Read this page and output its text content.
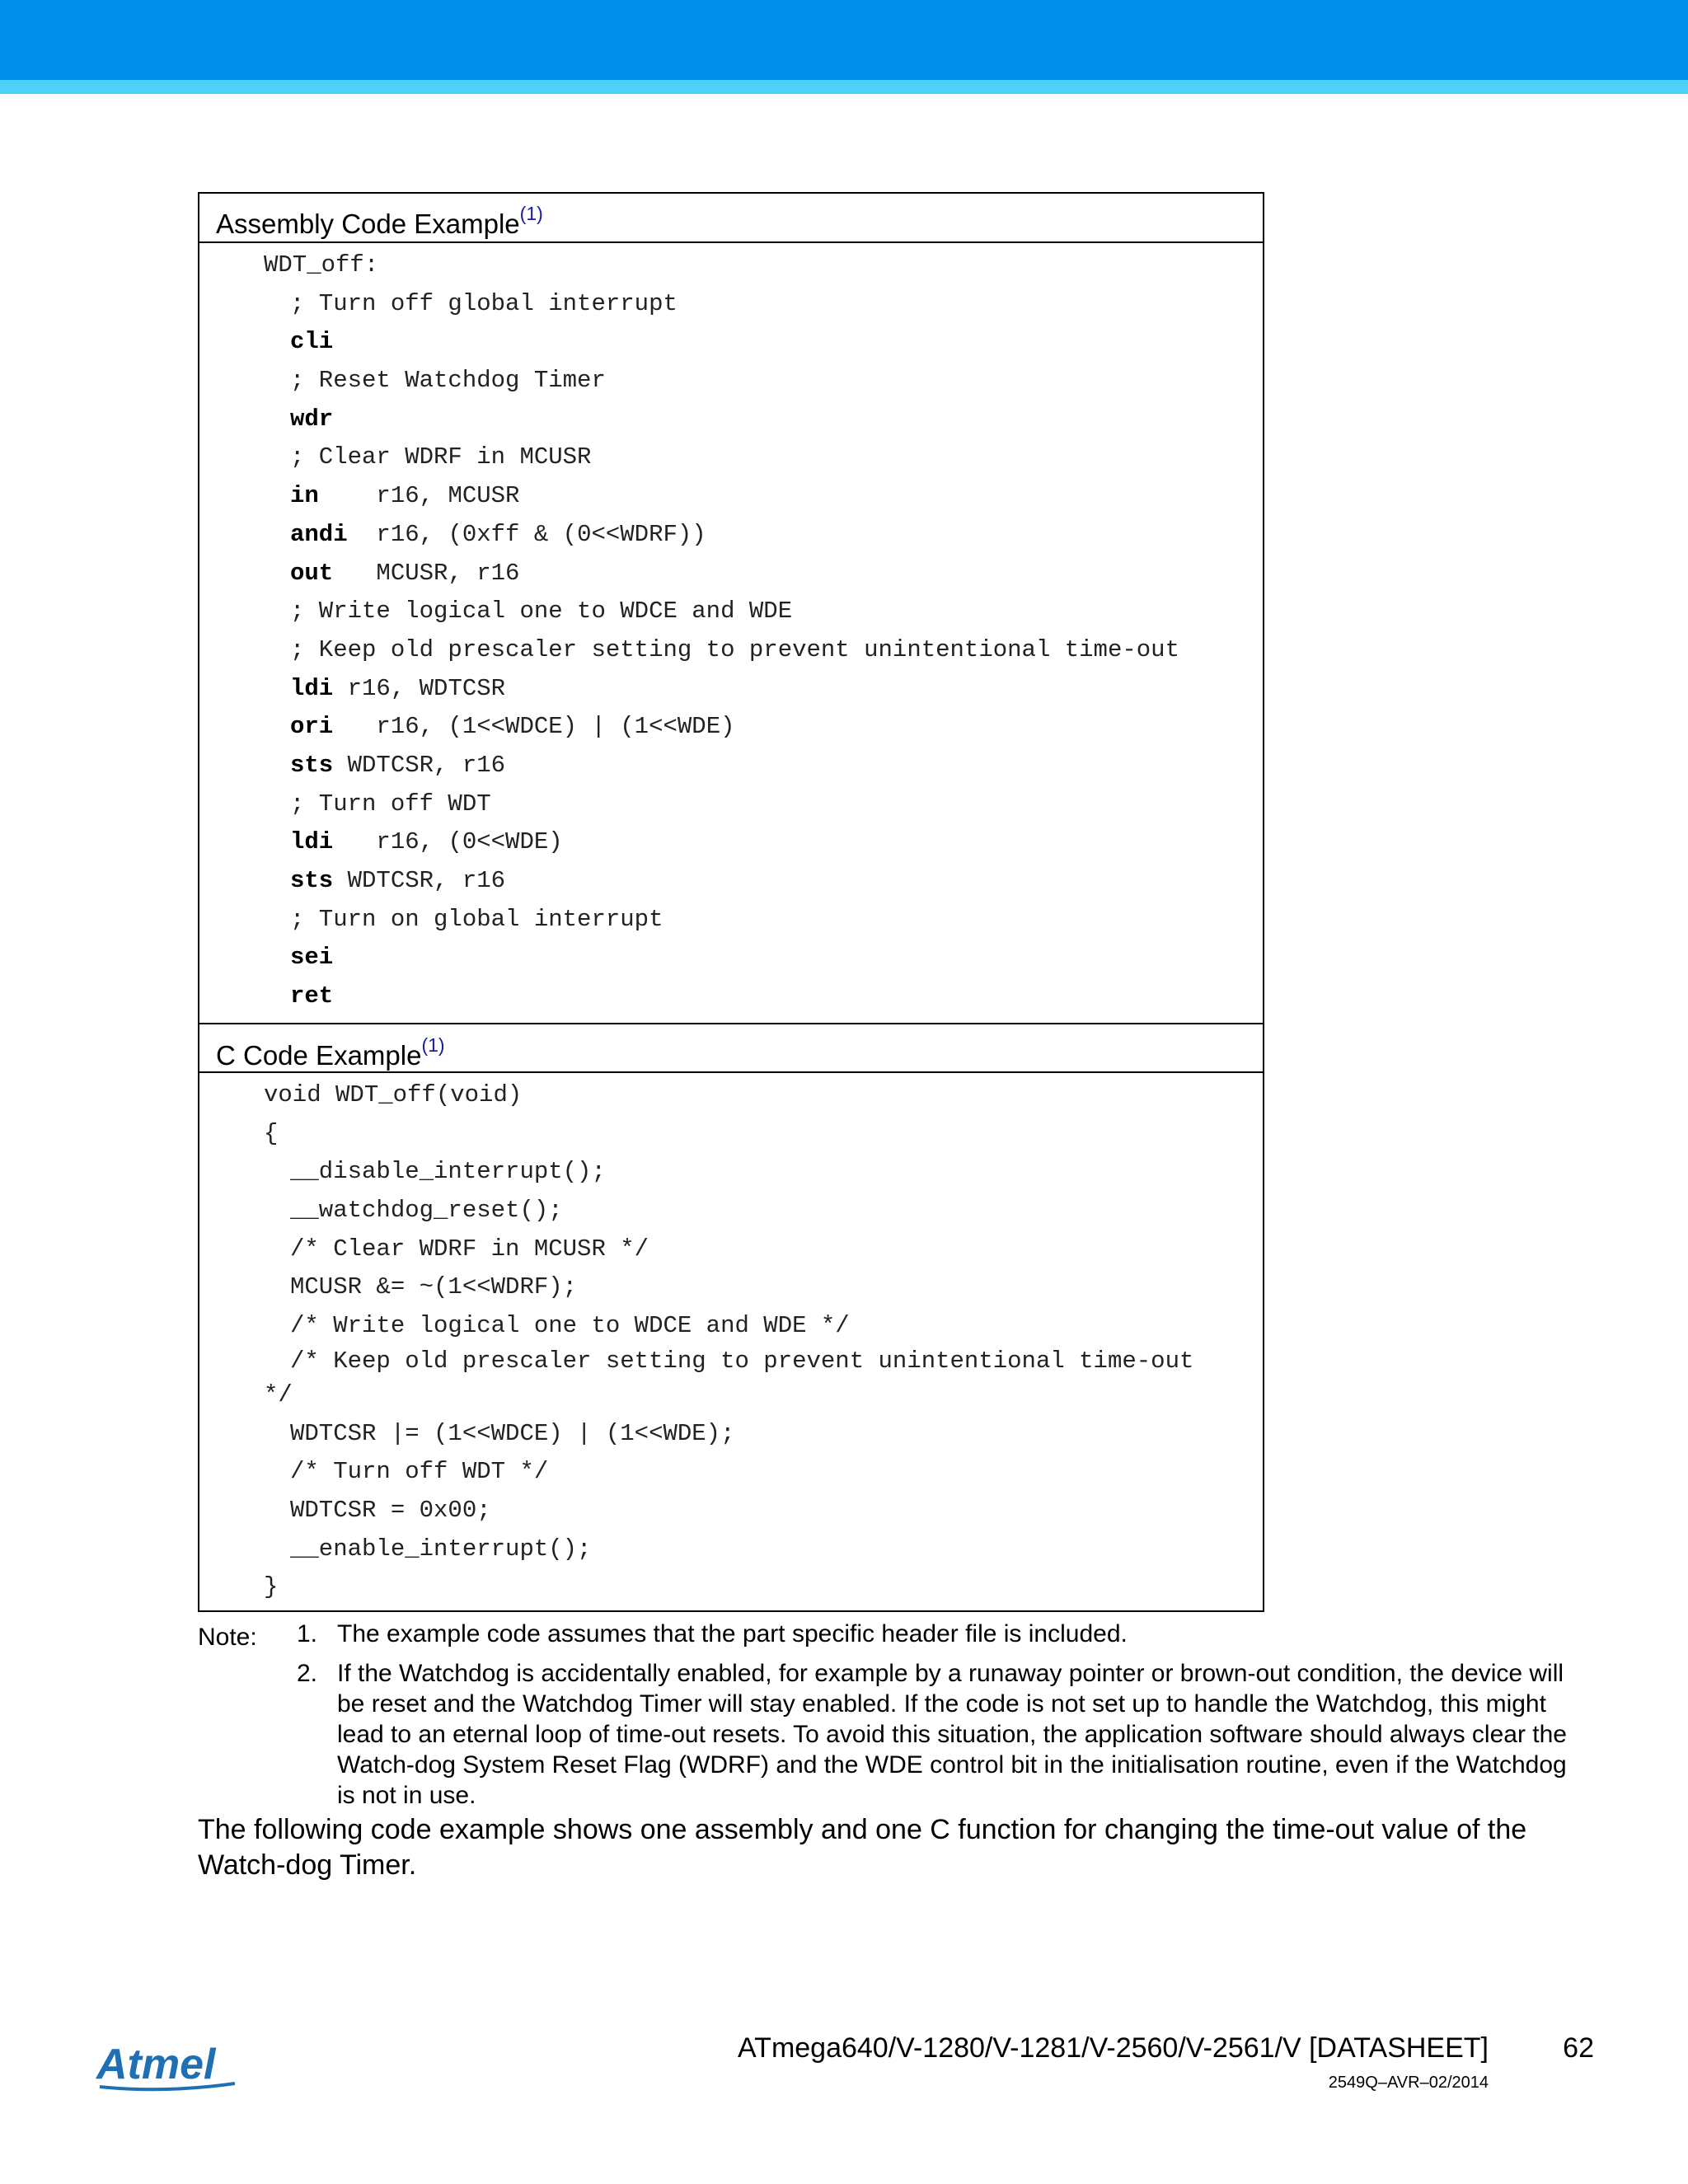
Assembly Code Example$^{(1)}$
WDT_off:
; Turn off global interrupt
cli
; Reset Watchdog Timer
wdr
; Clear WDRF in MCUSR
in    r16, MCUSR
andi  r16, (0xff & (0<<WDRF))
out   MCUSR, r16
; Write logical one to WDCE and WDE
; Keep old prescaler setting to prevent unintentional time-out
ldi r16, WDTCSR
ori   r16, (1<<WDCE) | (1<<WDE)
sts WDTCSR, r16
; Turn off WDT
ldi   r16, (0<<WDE)
sts WDTCSR, r16
; Turn on global interrupt
sei
ret
C Code Example$^{(1)}$
void WDT_off(void)
{
__disable_interrupt();
__watchdog_reset();
/* Clear WDRF in MCUSR */
MCUSR &= ~(1<<WDRF);
/* Write logical one to WDCE and WDE */
/* Keep old prescaler setting to prevent unintentional time-out
*/
WDTCSR |= (1<<WDCE) | (1<<WDE);
/* Turn off WDT */
WDTCSR = 0x00;
__enable_interrupt();
}
Note: 1. The example code assumes that the part specific header file is included.
2. If the Watchdog is accidentally enabled, for example by a runaway pointer or brown-out condition, the device will be reset and the Watchdog Timer will stay enabled. If the code is not set up to handle the Watchdog, this might lead to an eternal loop of time-out resets. To avoid this situation, the application software should always clear the Watch-dog System Reset Flag (WDRF) and the WDE control bit in the initialisation routine, even if the Watchdog is not in use.
The following code example shows one assembly and one C function for changing the time-out value of the Watch-dog Timer.
Atmel	ATmega640/V-1280/V-1281/V-2560/V-2561/V [DATASHEET]	62
2549Q–AVR–02/2014
